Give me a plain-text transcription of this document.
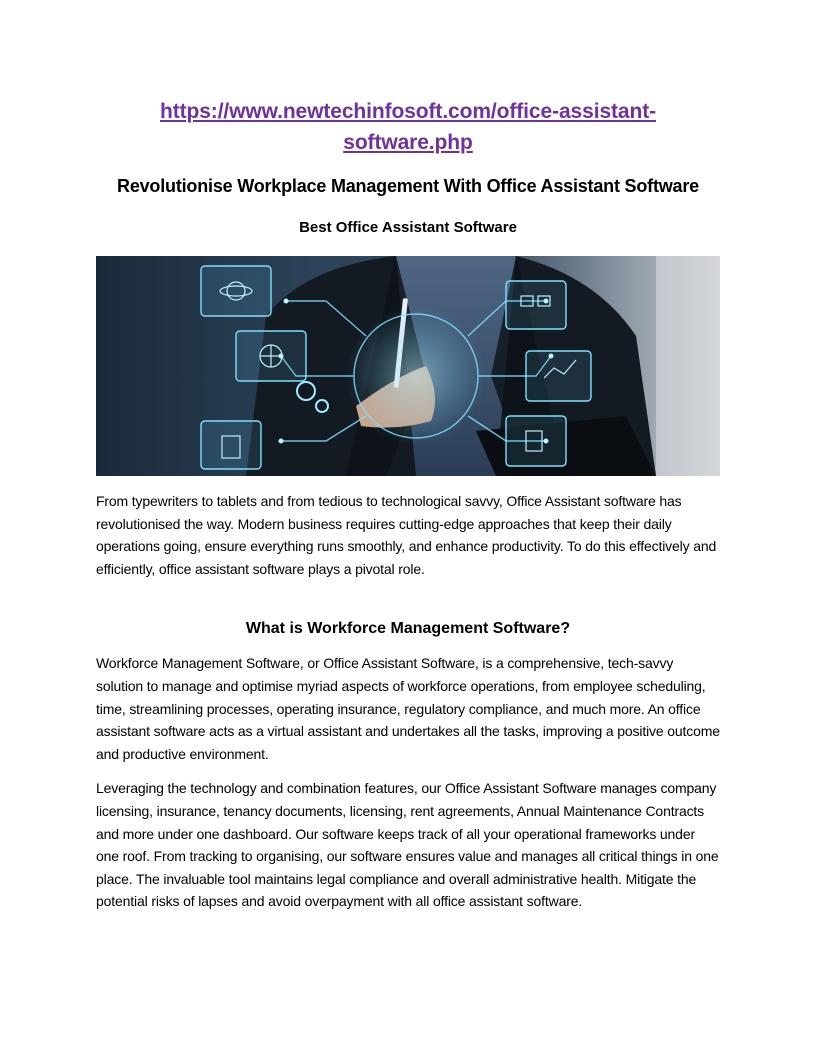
https://www.newtechinfosoft.com/office-assistant-software.php
Revolutionise Workplace Management With Office Assistant Software
Best Office Assistant Software

From typewriters to tablets and from tedious to technological savvy, Office Assistant software has revolutionised the way. Modern business requires cutting-edge approaches that keep their daily operations going, ensure everything runs smoothly, and enhance productivity. To do this effectively and efficiently, office assistant software plays a pivotal role.

What is Workforce Management Software?

Workforce Management Software, or Office Assistant Software, is a comprehensive, tech-savvy solution to manage and optimise myriad aspects of workforce operations, from employee scheduling, time, streamlining processes, operating insurance, regulatory compliance, and much more. An office assistant software acts as a virtual assistant and undertakes all the tasks, improving a positive outcome and productive environment.

Leveraging the technology and combination features, our Office Assistant Software manages company licensing, insurance, tenancy documents, licensing, rent agreements, Annual Maintenance Contracts and more under one dashboard. Our software keeps track of all your operational frameworks under one roof. From tracking to organising, our software ensures value and manages all critical things in one place. The invaluable tool maintains legal compliance and overall administrative health. Mitigate the potential risks of lapses and avoid overpayment with all office assistant software.
